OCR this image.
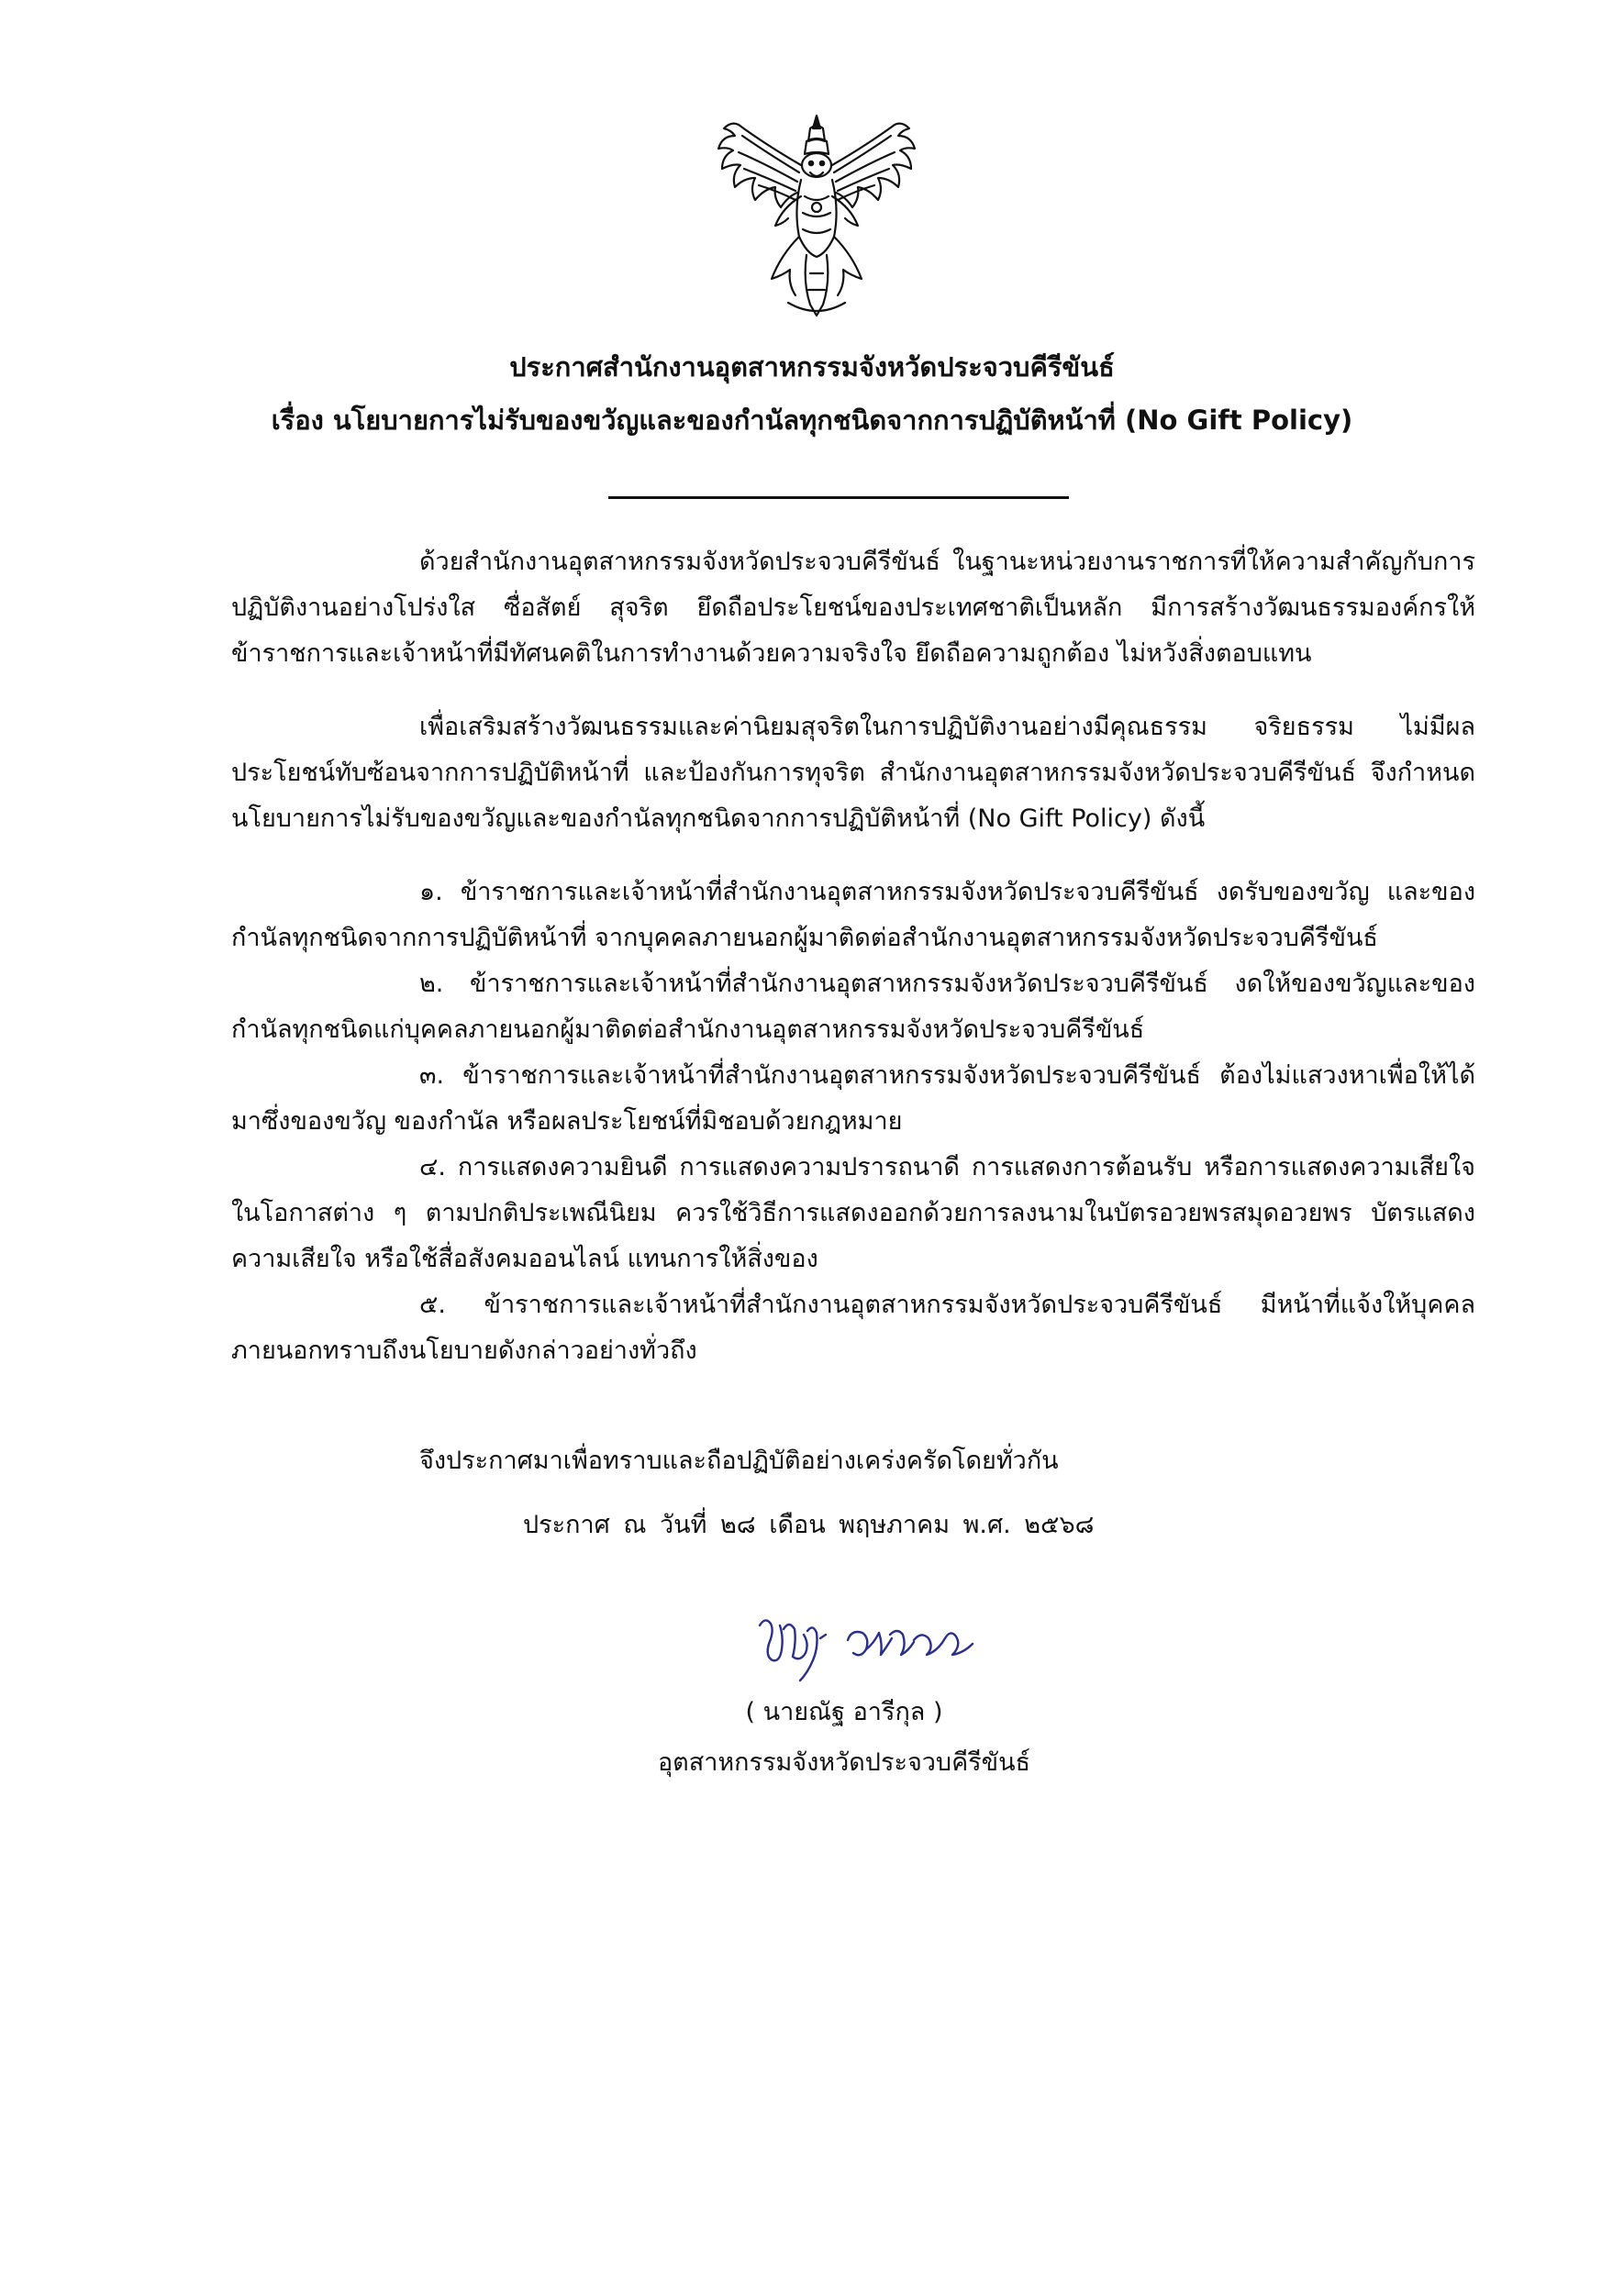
ประกาศสำนักงานอุตสาหกรรมจังหวัดประจวบคีรีขันธ์
เรื่อง นโยบายการไม่รับของขวัญและของกำนัลทุกชนิดจากการปฏิบัติหน้าที่ (No Gift Policy)
ด้วยสำนักงานอุตสาหกรรมจังหวัดประจวบคีรีขันธ์ ในฐานะหน่วยงานราชการที่ให้ความสำคัญกับการปฏิบัติงานอย่างโปร่งใส ซื่อสัตย์ สุจริต ยึดถือประโยชน์ของประเทศชาติเป็นหลัก มีการสร้างวัฒนธรรมองค์กรให้ข้าราชการและเจ้าหน้าที่มีทัศนคติในการทำงานด้วยความจริงใจ ยึดถือความถูกต้อง ไม่หวังสิ่งตอบแทน
เพื่อเสริมสร้างวัฒนธรรมและค่านิยมสุจริตในการปฏิบัติงานอย่างมีคุณธรรม จริยธรรม ไม่มีผลประโยชน์ทับซ้อนจากการปฏิบัติหน้าที่ และป้องกันการทุจริต สำนักงานอุตสาหกรรมจังหวัดประจวบคีรีขันธ์ จึงกำหนดนโยบายการไม่รับของขวัญและของกำนัลทุกชนิดจากการปฏิบัติหน้าที่ (No Gift Policy) ดังนี้

๑. ข้าราชการและเจ้าหน้าที่สำนักงานอุตสาหกรรมจังหวัดประจวบคีรีขันธ์ งดรับของขวัญ และของกำนัลทุกชนิดจากการปฏิบัติหน้าที่ จากบุคคลภายนอกผู้มาติดต่อสำนักงานอุตสาหกรรมจังหวัดประจวบคีรีขันธ์

๒. ข้าราชการและเจ้าหน้าที่สำนักงานอุตสาหกรรมจังหวัดประจวบคีรีขันธ์ งดให้ของขวัญและของกำนัลทุกชนิดแก่บุคคลภายนอกผู้มาติดต่อสำนักงานอุตสาหกรรมจังหวัดประจวบคีรีขันธ์

๓. ข้าราชการและเจ้าหน้าที่สำนักงานอุตสาหกรรมจังหวัดประจวบคีรีขันธ์ ต้องไม่แสวงหาเพื่อให้ได้มาซึ่งของขวัญ ของกำนัล หรือผลประโยชน์ที่มิชอบด้วยกฎหมาย

๔. การแสดงความยินดี การแสดงความปรารถนาดี การแสดงการต้อนรับ หรือการแสดงความเสียใจในโอกาสต่าง ๆ ตามปกติประเพณีนิยม ควรใช้วิธีการแสดงออกด้วยการลงนามในบัตรอวยพรสมุดอวยพร บัตรแสดงความเสียใจ หรือใช้สื่อสังคมออนไลน์ แทนการให้สิ่งของ

๕. ข้าราชการและเจ้าหน้าที่สำนักงานอุตสาหกรรมจังหวัดประจวบคีรีขันธ์ มีหน้าที่แจ้งให้บุคคลภายนอกทราบถึงนโยบายดังกล่าวอย่างทั่วถึง

จึงประกาศมาเพื่อทราบและถือปฏิบัติอย่างเคร่งครัดโดยทั่วกัน
ประกาศ ณ วันที่ ๒๘ เดือน พฤษภาคม พ.ศ. ๒๕๖๘
( นายณัฐ อารีกุล )
อุตสาหกรรมจังหวัดประจวบคีรีขันธ์
